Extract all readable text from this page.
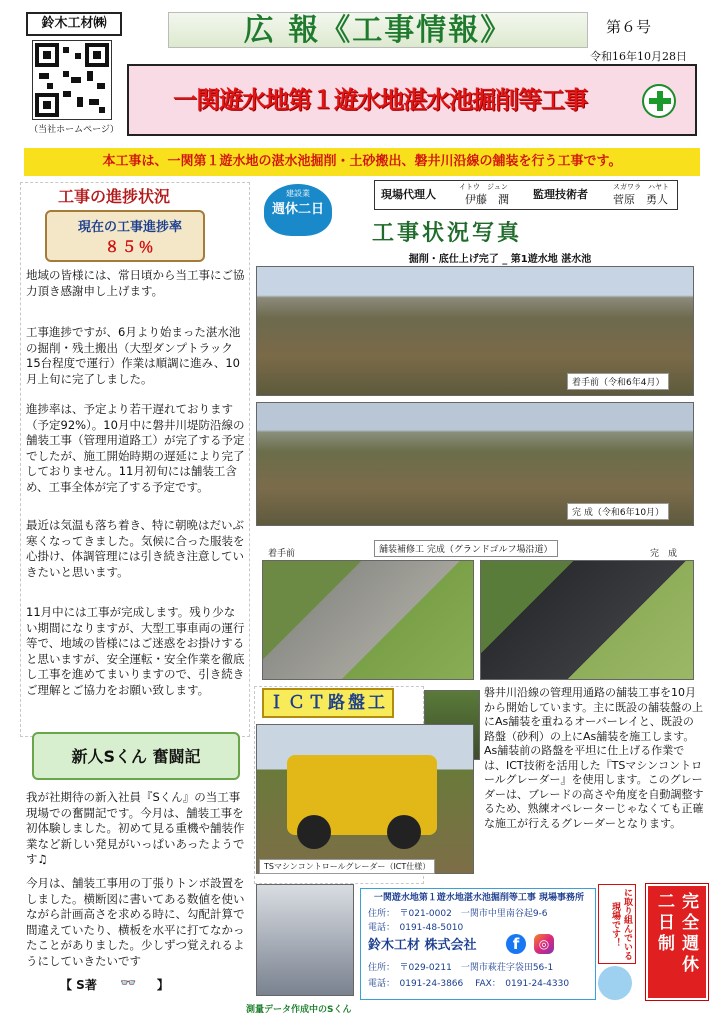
鈴木工材㈱
（当社ホームページ）
広 報《工事情報》	第６号
令和16年10月28日
一関遊水地第１遊水地湛水池掘削等工事
本工事は、一関第１遊水地の湛水池掘削・土砂搬出、磐井川沿線の舗装を行う工事です。
工事の進捗状況
現在の工事進捗率
８５％
地域の皆様には、常日頃から当工事にご協力頂き感謝申し上げます。
工事進捗ですが、6月より始まった湛水池の掘削・残土搬出（大型ダンプトラック15台程度で運行）作業は順調に進み、10月上旬に完了しました。
進捗率は、予定より若干遅れております（予定92%）。10月中に磐井川堤防沿線の舗装工事（管理用道路工）が完了する予定でしたが、施工開始時期の遅延により完了しておりません。11月初旬には舗装工含め、工事全体が完了する予定です。
最近は気温も落ち着き、特に朝晩はだいぶ寒くなってきました。気候に合った服装を心掛け、体調管理には引き続き注意していきたいと思います。
11月中には工事が完成します。残り少ない期間になりますが、大型工事車両の運行等で、地域の皆様にはご迷惑をお掛けすると思いますが、安全運転・安全作業を徹底し工事を進めてまいりますので、引き続きご理解とご協力をお願い致します。
新人Sくん 奮闘記
我が社期待の新入社員『Sくん』の当工事現場での奮闘記です。今月は、舗装工事を初体験しました。初めて見る重機や舗装作業など新しい発見がいっぱいあったようです♫
今月は、舗装工事用の丁張りトンボ設置をしました。横断図に書いてある数値を使いながら計画高さを求める時に、勾配計算で間違えていたり、横板を水平に打てなかったことがありました。少しずつ覚えれるようにしていきたいです
【 S著　　　　　	】
👓
建設業
週休二日
現場代理人
イトウ　ジュン
伊藤　潤 監理技術者
スガワラ　ハヤト
菅原　勇人
工事状況写真
掘削・底仕上げ完了 _ 第1遊水地 湛水池
着手前（令和6年4月）
完 成（令和6年10月）
着手前	舗装補修工 完成（グランドゴルフ場沿道）	完　成
ＩＣＴ路盤工
TSマシンコントロールグレーダー（ICT仕様）
磐井川沿線の管理用通路の舗装工事を10月から開始しています。主に既設の舗装盤の上にAs舗装を重ねるオーバーレイと、既設の路盤（砂利）の上にAs舗装を施工します。As舗装前の路盤を平坦に仕上げる作業では、ICT技術を活用した『TSマシンコントロールグレーダー』を使用します。このグレーダーは、ブレードの高さや角度を自動調整するため、熟練オペレーターじゃなくても正確な施工が行えるグレーダーとなります。
測量データ作成中のSくん
一関遊水地第１遊水地湛水池掘削等工事 現場事務所
住所：　〒021-0002　一関市中里南谷起9-6
電話：　0191-48-5010
鈴木工材 株式会社	f	◎
住所：　〒029-0211　一関市萩荘字袋田56-1
電話：　0191-24-3866　 FAX：　0191-24-4330
に取り組んでいる現場です！	完全週休
二日制
